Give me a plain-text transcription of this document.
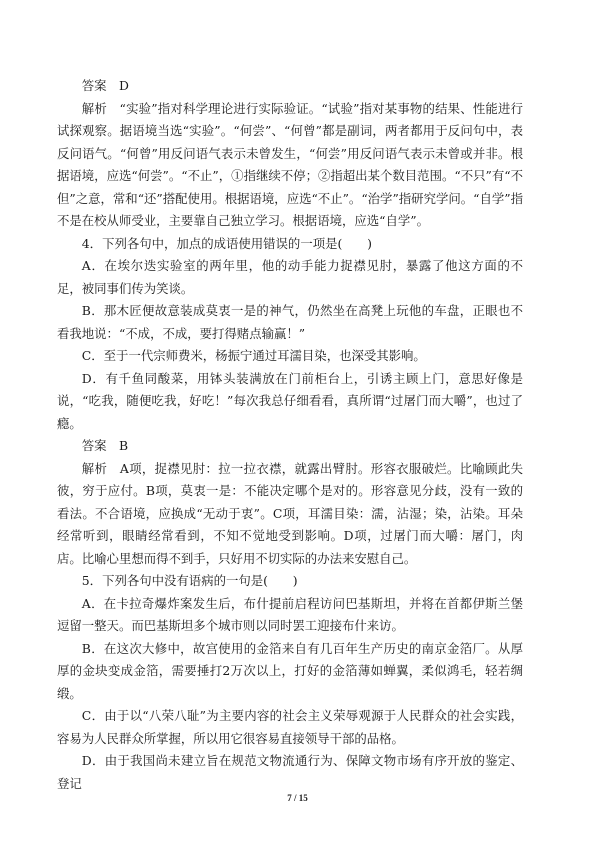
答案　D

解析　“实验”指对科学理论进行实际验证。“试验”指对某事物的结果、性能进行试探观察。据语境当选“实验”。“何尝”、“何曾”都是副词，两者都用于反问句中，表反问语气。“何曾”用反问语气表示未曾发生，“何尝”用反问语气表示未曾或并非。根据语境，应选“何尝”。“不止”，①指继续不停；②指超出某个数目范围。“不只”有“不但”之意，常和“还”搭配使用。根据语境，应选“不止”。“治学”指研究学问。“自学”指不是在校从师受业，主要靠自己独立学习。根据语境，应选“自学”。

4．下列各句中，加点的成语使用错误的一项是(　　)

A．在埃尔迭实验室的两年里，他的动手能力捉襟见肘，暴露了他这方面的不足，被同事们传为笑谈。

B．那木匠便故意装成莫衷一是的神气，仍然坐在高凳上玩他的车盘，正眼也不看我地说：“不成，不成，要打得赌点输赢！”

C．至于一代宗师费米，杨振宁通过耳濡目染，也深受其影响。

D．有千鱼同酸菜，用钵头装满放在门前柜台上，引诱主顾上门，意思好像是说，“吃我，随便吃我，好吃！”每次我总仔细看看，真所谓“过屠门而大嚼”，也过了瘾。

答案　B

解析　A项，捉襟见肘：拉一拉衣襟，就露出臂肘。形容衣服破烂。比喻顾此失彼，穷于应付。B项，莫衷一是：不能决定哪个是对的。形容意见分歧，没有一致的看法。不合语境，应换成“无动于衷”。C项，耳濡目染：濡，沾湿；染，沾染。耳朵经常听到，眼睛经常看到，不知不觉地受到影响。D项，过屠门而大嚼：屠门，肉店。比喻心里想而得不到手，只好用不切实际的办法来安慰自己。

5．下列各句中没有语病的一句是(　　)

A．在卡拉奇爆炸案发生后，布什提前启程访问巴基斯坦，并将在首都伊斯兰堡逗留一整天。而巴基斯坦多个城市则以同时罢工迎接布什来访。

B．在这次大修中，故宫使用的金箔来自有几百年生产历史的南京金箔厂。从厚厚的金块变成金箔，需要捶打2万次以上，打好的金箔薄如蝉翼，柔似鸿毛，轻若绸缎。

C．由于以“八荣八耻”为主要内容的社会主义荣辱观源于人民群众的社会实践，容易为人民群众所掌握，所以用它很容易直接领导干部的品格。

D．由于我国尚未建立旨在规范文物流通行为、保障文物市场有序开放的鉴定、登记

7 / 15
